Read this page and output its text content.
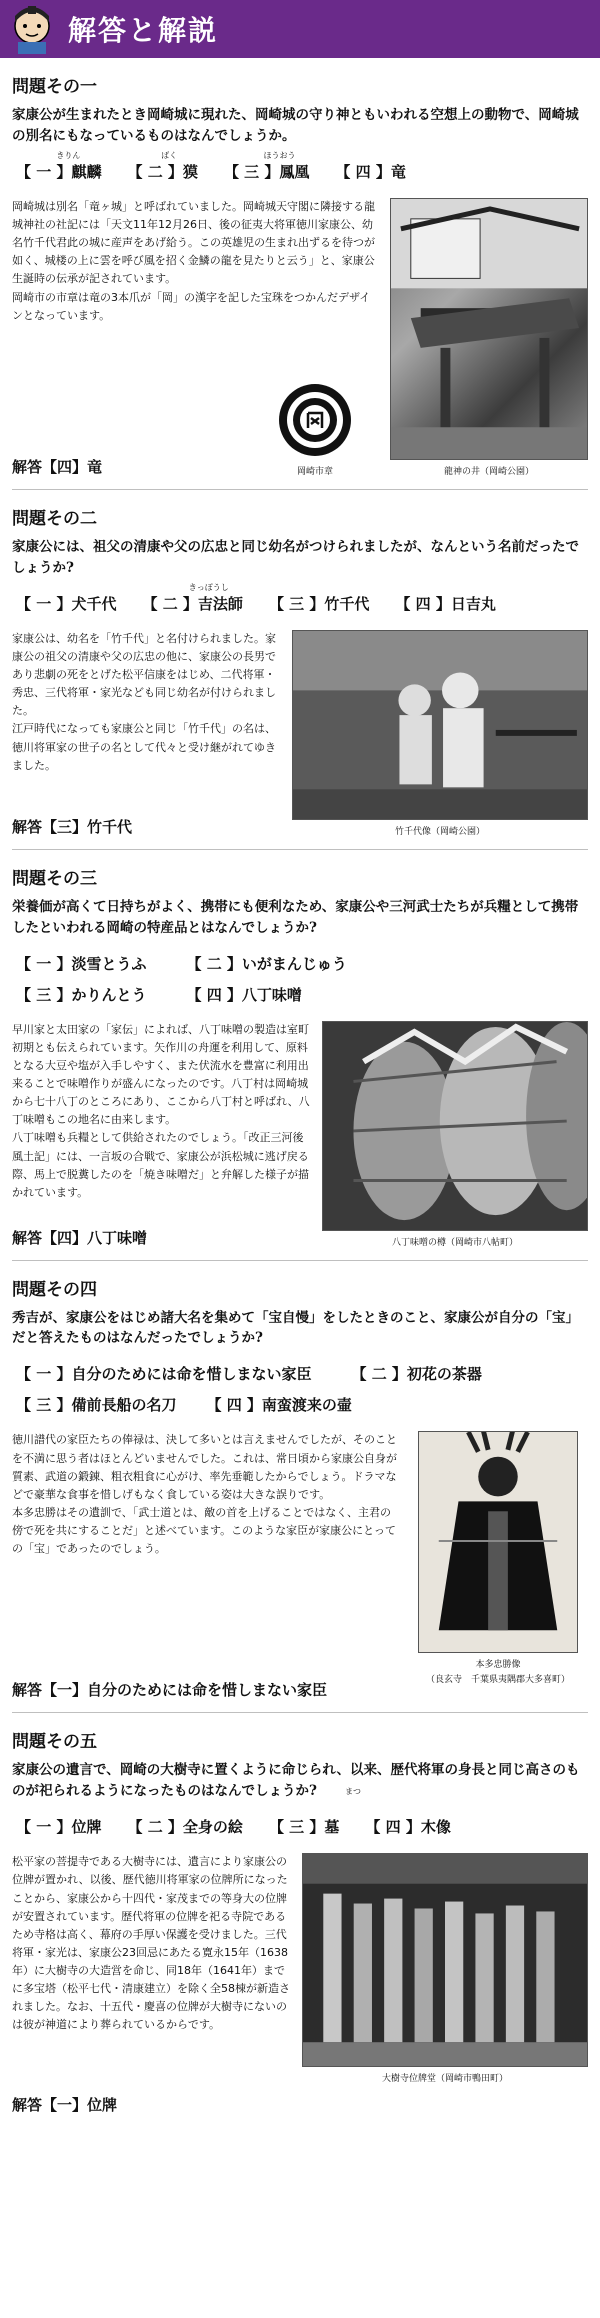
解答と解説
問題その一
家康公が生まれたとき岡崎城に現れた、岡崎城の守り神ともいわれる空想上の動物で、岡崎城の別名にもなっているものはなんでしょうか。
【 一 】麒麟
きりん
【 二 】獏
ばく
【 三 】鳳凰
ほうおう
【 四 】竜

岡崎城は別名「竜ヶ城」と呼ばれていました。岡崎城天守閣に隣接する龍城神社の社記には「天文11年12月26日、後の征夷大将軍徳川家康公、幼名竹千代君此の城に産声をあげ給う。この英雄児の生まれ出ずるを待つが如く、城楼の上に雲を呼び風を招く金鱗の龍を見たりと云う」と、家康公生誕時の伝承が記されています。

岡崎市の市章は竜の3本爪が「岡」の漢字を記した宝珠をつかんだデザインとなっています。

解答【四】竜	岡崎市章	龍神の井（岡崎公園）
問題その二
家康公には、祖父の清康や父の広忠と同じ幼名がつけられましたが、なんという名前だったでしょうか?
【 一 】犬千代 【 二 】吉法師
きっぽうし
【 三 】竹千代 【 四 】日吉丸

家康公は、幼名を「竹千代」と名付けられました。家康公の祖父の清康や父の広忠の他に、家康公の長男であり悲劇の死をとげた松平信康をはじめ、二代将軍・秀忠、三代将軍・家光なども同じ幼名が付けられました。

江戸時代になっても家康公と同じ「竹千代」の名は、徳川将軍家の世子の名として代々と受け継がれてゆきました。

解答【三】竹千代	竹千代像（岡崎公園）
問題その三
栄養価が高くて日持ちがよく、携帯にも便利なため、家康公や三河武士たちが兵糧として携帯したといわれる岡崎の特産品とはなんでしょうか?
【 一 】淡雪とうふ	【 二 】いがまんじゅう
【 三 】かりんとう	【 四 】八丁味噌

早川家と太田家の「家伝」によれば、八丁味噌の製造は室町初期とも伝えられています。矢作川の舟運を利用して、原料となる大豆や塩が入手しやすく、また伏流水を豊富に利用出来ることで味噌作りが盛んになったのです。八丁村は岡崎城から七十八丁のところにあり、ここから八丁村と呼ばれ、八丁味噌もこの地名に由来します。

八丁味噌も兵糧として供給されたのでしょう。「改正三河後風土記」には、一言坂の合戦で、家康公が浜松城に逃げ戻る際、馬上で脱糞したのを「焼き味噌だ」と弁解した様子が描かれています。

解答【四】八丁味噌	八丁味噌の樽（岡崎市八帖町）
問題その四
秀吉が、家康公をはじめ諸大名を集めて「宝自慢」をしたときのこと、家康公が自分の「宝」だと答えたものはなんだったでしょうか?
【 一 】自分のためには命を惜しまない家臣	【 二 】初花の茶器
【 三 】備前長船の名刀 【 四 】南蛮渡来の壷

徳川譜代の家臣たちの俸禄は、決して多いとは言えませんでしたが、そのことを不満に思う者はほとんどいませんでした。これは、常日頃から家康公自身が質素、武道の鍛錬、粗衣粗食に心がけ、率先垂範したからでしょう。ドラマなどで豪華な食事を惜しげもなく食している姿は大きな誤りです。

本多忠勝はその遺訓で、「武士道とは、敵の首を上げることではなく、主君の傍で死を共にすることだ」と述べています。このような家臣が家康公にとっての「宝」であったのでしょう。

本多忠勝像
（良玄寺　千葉県夷隅郡大多喜町）
解答【一】自分のためには命を惜しまない家臣
問題その五
家康公の遺言で、岡崎の大樹寺に置くように命じられ、以来、歴代将軍の身長と同じ高さのものが祀られるようになったものはなんでしょうか?	まつ
【 一 】位牌 【 二 】全身の絵 【 三 】墓 【 四 】木像

松平家の菩提寺である大樹寺には、遺言により家康公の位牌が置かれ、以後、歴代徳川将軍家の位牌所になったことから、家康公から十四代・家茂までの等身大の位牌が安置されています。歴代将軍の位牌を祀る寺院であるため寺格は高く、幕府の手厚い保護を受けました。三代将軍・家光は、家康公23回忌にあたる寛永15年（1638年）に大樹寺の大造営を命じ、同18年（1641年）までに多宝塔（松平七代・清康建立）を除く全58棟が新造されました。なお、十五代・慶喜の位牌が大樹寺にないのは彼が神道により葬られているからです。

大樹寺位牌堂（岡崎市鴨田町）
解答【一】位牌
